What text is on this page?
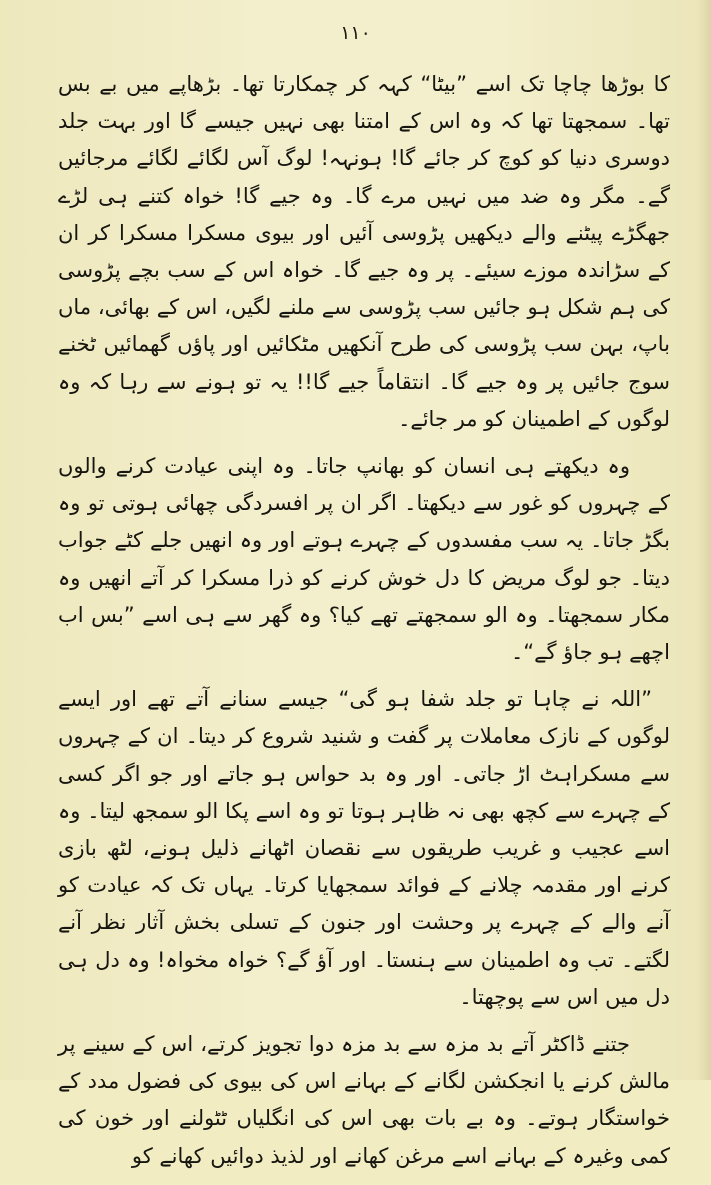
۱۱۰

کا بوڑھا چاچا تک اسے ”بیٹا“ کہہ کر چمکارتا تھا۔ بڑھاپے میں بے بس تھا۔ سمجھتا تھا کہ وہ اس کے امتنا بھی نہیں جیسے گا اور بہت جلد دوسری دنیا کو کوچ کر جائے گا! ہونہہ! لوگ آس لگائے لگائے مرجائیں گے۔ مگر وہ ضد میں نہیں مرے گا۔ وہ جیے گا! خواہ کتنے ہی لڑے جھگڑے پیٹنے والے دیکھیں پڑوسی آئیں اور بیوی مسکرا مسکرا کر ان کے سڑاندہ موزے سیئے۔ پر وہ جیے گا۔ خواہ اس کے سب بچے پڑوسی کی ہم شکل ہو جائیں سب پڑوسی سے ملنے لگیں، اس کے بھائی، ماں باپ، بہن سب پڑوسی کی طرح آنکھیں مٹکائیں اور پاؤں گھمائیں ٹخنے سوج جائیں پر وہ جیے گا۔ انتقاماً جیے گا!! یہ تو ہونے سے رہا کہ وہ لوگوں کے اطمینان کو مر جائے۔

وہ دیکھتے ہی انسان کو بھانپ جاتا۔ وہ اپنی عیادت کرنے والوں کے چہروں کو غور سے دیکھتا۔ اگر ان پر افسردگی چھائی ہوتی تو وہ بگڑ جاتا۔ یہ سب مفسدوں کے چہرے ہوتے اور وہ انھیں جلے کٹے جواب دیتا۔ جو لوگ مریض کا دل خوش کرنے کو ذرا مسکرا کر آتے انھیں وہ مکار سمجھتا۔ وہ الو سمجھتے تھے کیا؟ وہ گھر سے ہی اسے ”بس اب اچھے ہو جاؤ گے“۔

”اللہ نے چاہا تو جلد شفا ہو گی“ جیسے سنانے آتے تھے اور ایسے لوگوں کے نازک معاملات پر گفت و شنید شروع کر دیتا۔ ان کے چہروں سے مسکراہٹ اڑ جاتی۔ اور وہ بد حواس ہو جاتے اور جو اگر کسی کے چہرے سے کچھ بھی نہ ظاہر ہوتا تو وہ اسے پکا الو سمجھ لیتا۔ وہ اسے عجیب و غریب طریقوں سے نقصان اٹھانے ذلیل ہونے، لٹھ بازی کرنے اور مقدمہ چلانے کے فوائد سمجھایا کرتا۔ یہاں تک کہ عیادت کو آنے والے کے چہرے پر وحشت اور جنون کے تسلی بخش آثار نظر آنے لگتے۔ تب وہ اطمینان سے ہنستا۔ اور آؤ گے؟ خواہ مخواہ! وہ دل ہی دل میں اس سے پوچھتا۔

جتنے ڈاکٹر آتے بد مزہ سے بد مزہ دوا تجویز کرتے، اس کے سینے پر مالش کرنے یا انجکشن لگانے کے بہانے اس کی بیوی کی فضول مدد کے خواستگار ہوتے۔ وہ بے بات بھی اس کی انگلیاں ٹٹولنے اور خون کی کمی وغیرہ کے بہانے اسے مرغن کھانے اور لذیذ دوائیں کھانے کو
